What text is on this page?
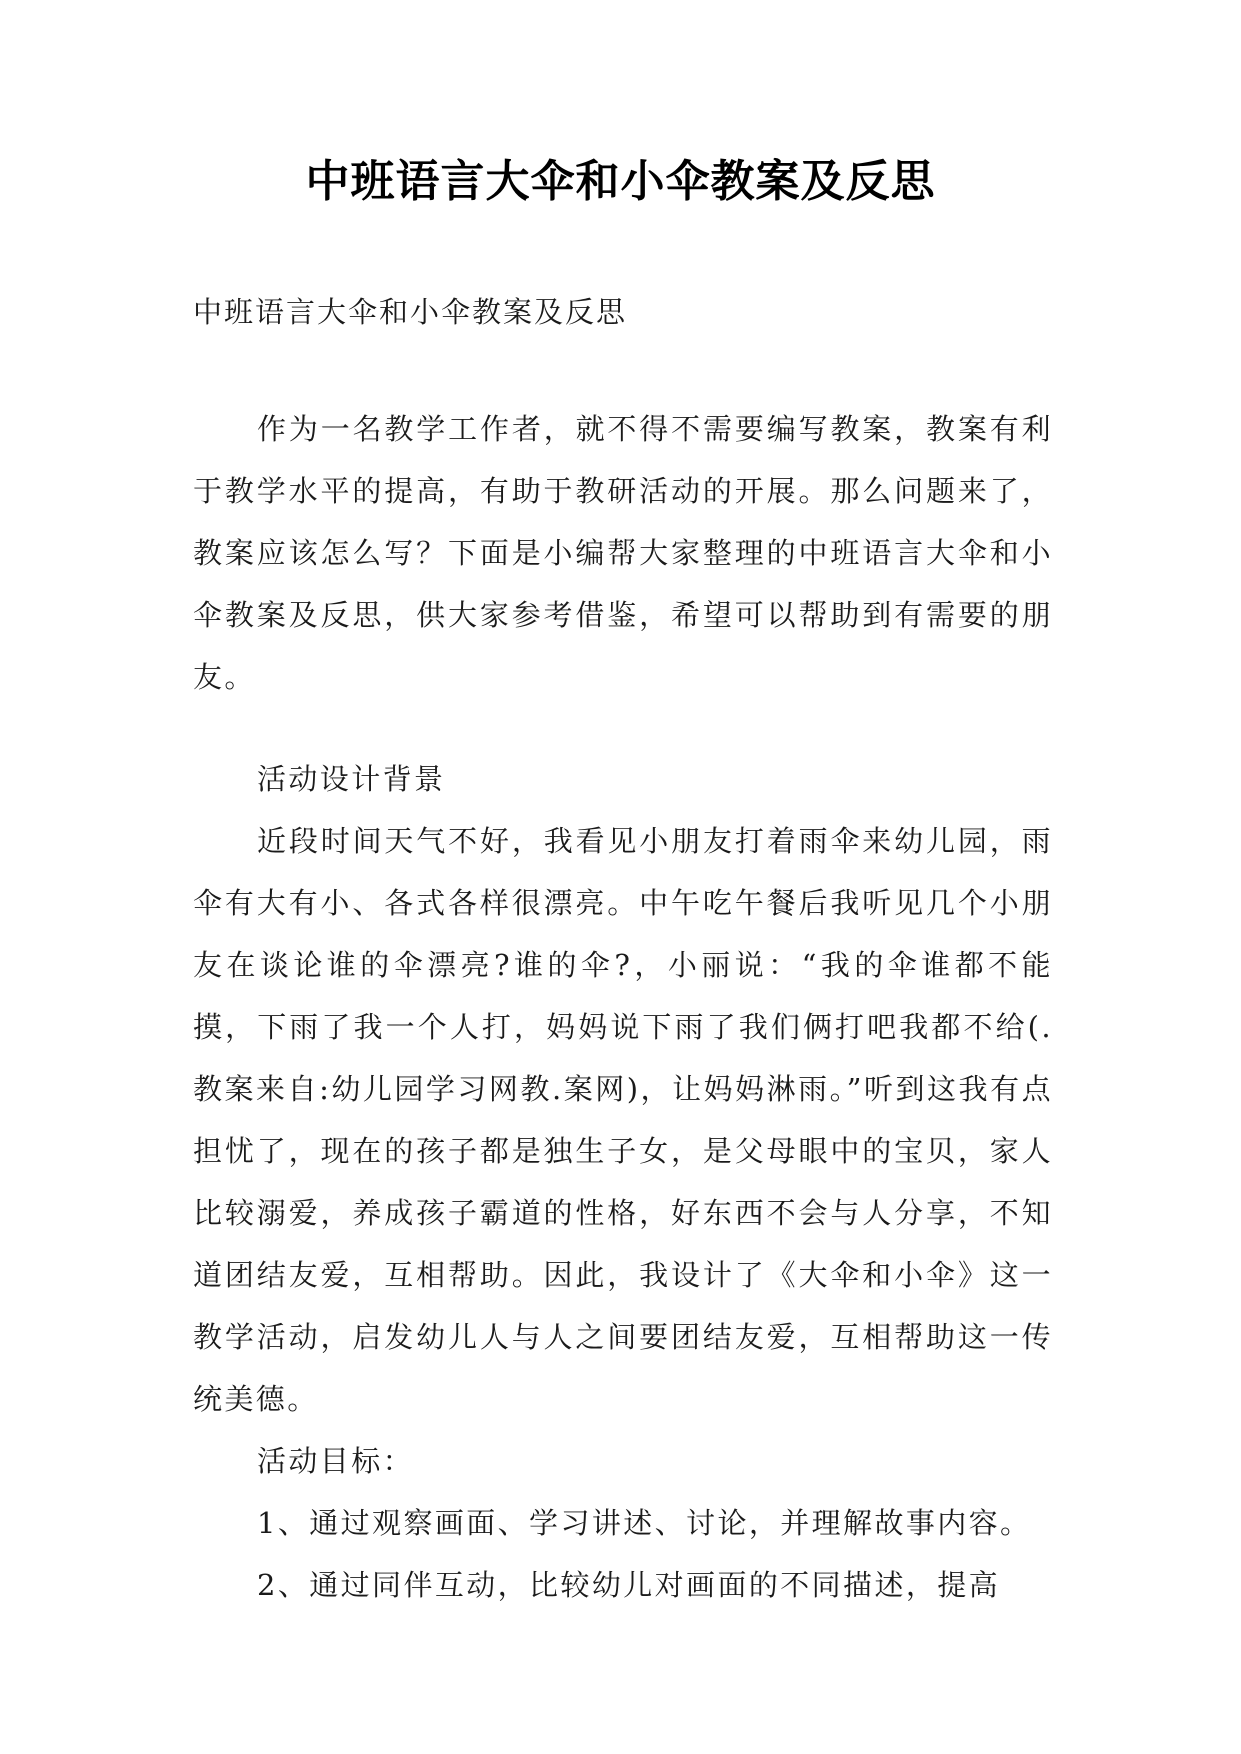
中班语言大伞和小伞教案及反思
中班语言大伞和小伞教案及反思

作为一名教学工作者，就不得不需要编写教案，教案有利于教学水平的提高，有助于教研活动的开展。那么问题来了，教案应该怎么写？下面是小编帮大家整理的中班语言大伞和小伞教案及反思，供大家参考借鉴，希望可以帮助到有需要的朋友。

活动设计背景

近段时间天气不好，我看见小朋友打着雨伞来幼儿园，雨伞有大有小、各式各样很漂亮。中午吃午餐后我听见几个小朋友在谈论谁的伞漂亮?谁的伞?，小丽说：“我的伞谁都不能摸，下雨了我一个人打，妈妈说下雨了我们俩打吧我都不给(.教案来自:幼儿园学习网教.案网)，让妈妈淋雨。”听到这我有点担忧了，现在的孩子都是独生子女，是父母眼中的宝贝，家人比较溺爱，养成孩子霸道的性格，好东西不会与人分享，不知道团结友爱，互相帮助。因此，我设计了《大伞和小伞》这一教学活动，启发幼儿人与人之间要团结友爱，互相帮助这一传统美德。

活动目标：

1、通过观察画面、学习讲述、讨论，并理解故事内容。

2、通过同伴互动，比较幼儿对画面的不同描述，提高
